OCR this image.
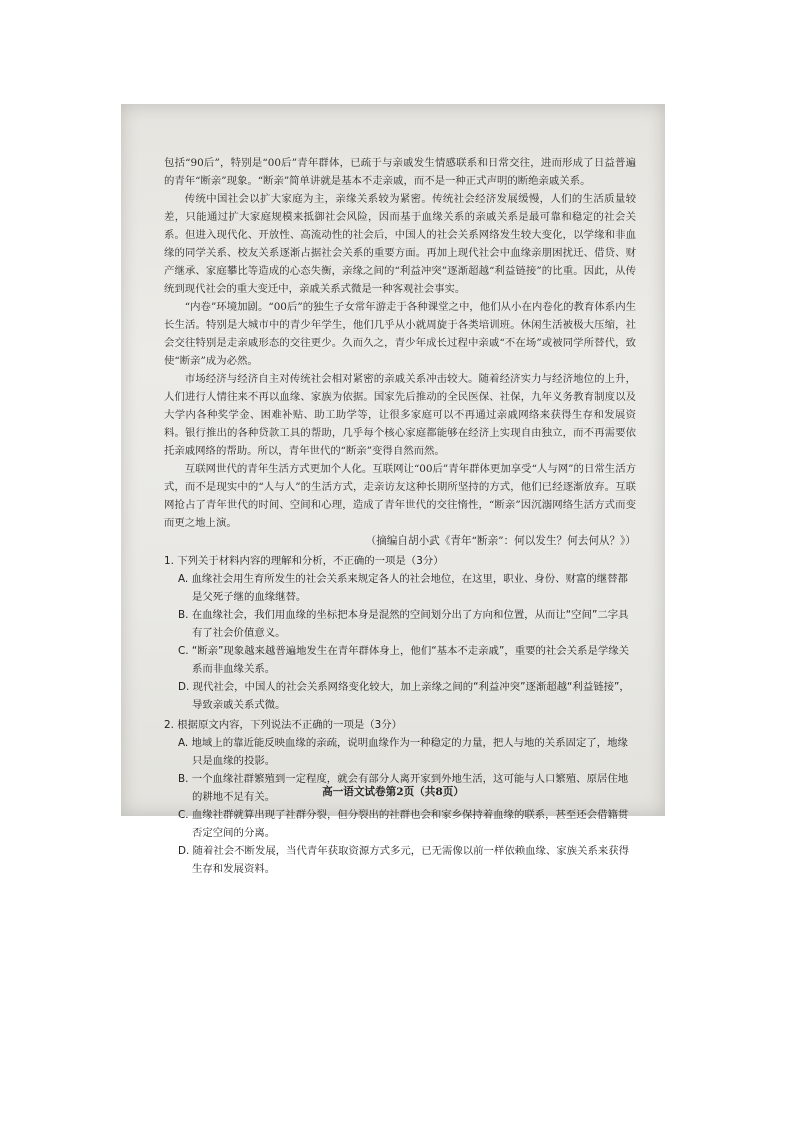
包括“90后”，特别是“00后”青年群体，已疏于与亲戚发生情感联系和日常交往，进而形成了日益普遍的青年“断亲”现象。“断亲”简单讲就是基本不走亲戚，而不是一种正式声明的断绝亲戚关系。

传统中国社会以扩大家庭为主，亲缘关系较为紧密。传统社会经济发展缓慢，人们的生活质量较差，只能通过扩大家庭规模来抵御社会风险，因而基于血缘关系的亲戚关系是最可靠和稳定的社会关系。但进入现代化、开放性、高流动性的社会后，中国人的社会关系网络发生较大变化，以学缘和非血缘的同学关系、校友关系逐渐占据社会关系的重要方面。再加上现代社会中血缘亲朋困扰迁、借贷、财产继承、家庭攀比等造成的心态失衡，亲缘之间的“利益冲突”逐渐超越“利益链接”的比重。因此，从传统到现代社会的重大变迁中，亲戚关系式微是一种客观社会事实。

“内卷”环境加剧。“00后”的独生子女常年游走于各种课堂之中，他们从小在内卷化的教育体系内生长生活。特别是大城市中的青少年学生，他们几乎从小就周旋于各类培训班。休闲生活被极大压缩，社会交往特别是走亲戚形态的交往更少。久而久之，青少年成长过程中亲戚“不在场”或被同学所替代，致使“断亲”成为必然。

市场经济与经济自主对传统社会相对紧密的亲戚关系冲击较大。随着经济实力与经济地位的上升，人们进行人情往来不再以血缘、家族为依据。国家先后推动的全民医保、社保，九年义务教育制度以及大学内各种奖学金、困难补贴、助工助学等，让很多家庭可以不再通过亲戚网络来获得生存和发展资料。银行推出的各种贷款工具的帮助，几乎每个核心家庭都能够在经济上实现自由独立，而不再需要依托亲戚网络的帮助。所以，青年世代的“断亲”变得自然而然。

互联网世代的青年生活方式更加个人化。互联网让“00后”青年群体更加享受“人与网”的日常生活方式，而不是现实中的“人与人”的生活方式，走亲访友这种长期所坚持的方式，他们已经逐渐放弃。互联网抢占了青年世代的时间、空间和心理，造成了青年世代的交往惰性，“断亲”因沉溺网络生活方式而变而更之地上演。

（摘编自胡小武《青年“断亲”：何以发生？何去何从？》）

1. 下列关于材料内容的理解和分析，不正确的一项是（3分）

A. 血缘社会用生育所发生的社会关系来规定各人的社会地位，在这里，职业、身份、财富的继替都是父死子继的血缘继替。

B. 在血缘社会，我们用血缘的坐标把本身是混然的空间划分出了方向和位置，从而让“空间”二字具有了社会价值意义。

C. “断亲”现象越来越普遍地发生在青年群体身上，他们“基本不走亲戚”，重要的社会关系是学缘关系而非血缘关系。

D. 现代社会，中国人的社会关系网络变化较大，加上亲缘之间的“利益冲突”逐渐超越“利益链接”，导致亲戚关系式微。

2. 根据原文内容，下列说法不正确的一项是（3分）

A. 地域上的靠近能反映血缘的亲疏，说明血缘作为一种稳定的力量，把人与地的关系固定了，地缘只是血缘的投影。

B. 一个血缘社群繁殖到一定程度，就会有部分人离开家到外地生活，这可能与人口繁殖、原居住地的耕地不足有关。

C. 血缘社群就算出现了社群分裂，但分裂出的社群也会和家乡保持着血缘的联系，甚至还会借籍贯否定空间的分离。

D. 随着社会不断发展，当代青年获取资源方式多元，已无需像以前一样依赖血缘、家族关系来获得生存和发展资料。

高一语文试卷第2页（共8页）
